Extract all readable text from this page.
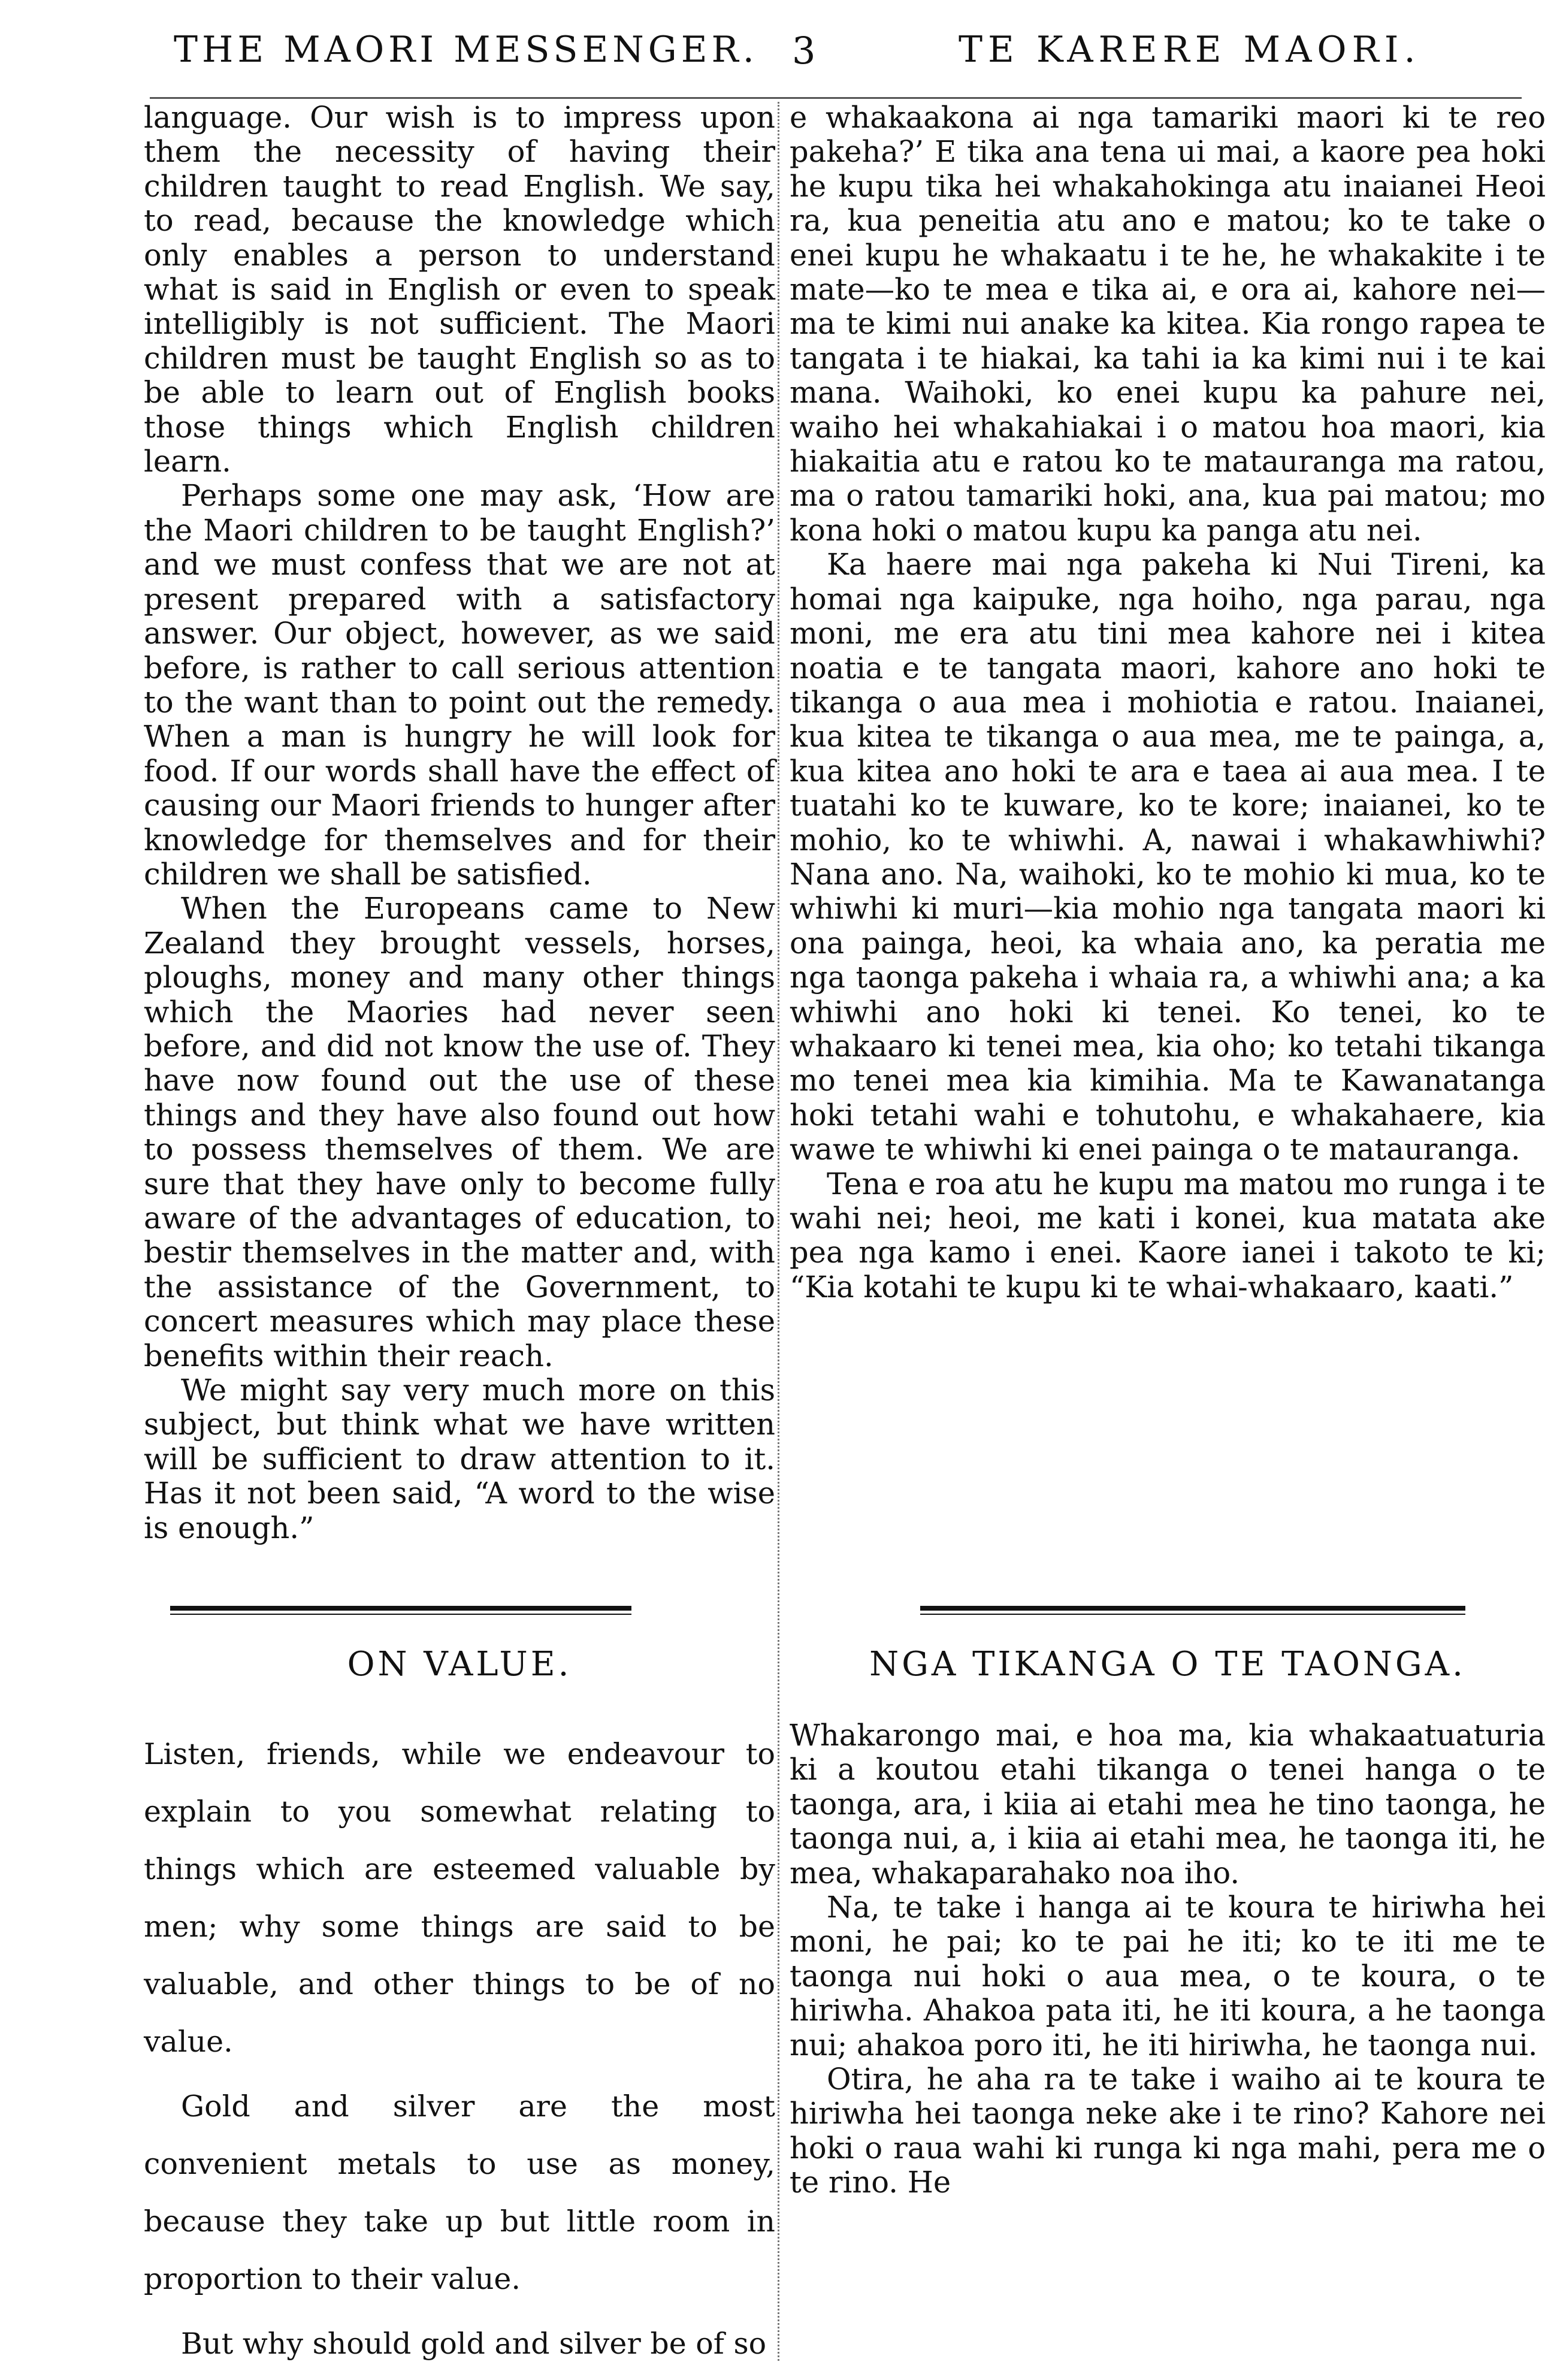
THE MAORI MESSENGER. 3	TE KARERE MAORI.

language. Our wish is to impress upon them the necessity of having their children taught to read English. We say, to read, because the knowledge which only enables a person to understand what is said in English or even to speak intelligibly is not sufficient. The Maori children must be taught English so as to be able to learn out of English books those things which English children learn.

Perhaps some one may ask, ‘How are the Maori children to be taught English?’ and we must confess that we are not at present prepared with a satisfactory answer. Our object, however, as we said before, is rather to call serious attention to the want than to point out the remedy. When a man is hungry he will look for food. If our words shall have the effect of causing our Maori friends to hunger after knowledge for themselves and for their children we shall be satisfied.

When the Europeans came to New Zealand they brought vessels, horses, ploughs, money and many other things which the Maories had never seen before, and did not know the use of. They have now found out the use of these things and they have also found out how to possess themselves of them. We are sure that they have only to become fully aware of the advantages of education, to bestir themselves in the matter and, with the assistance of the Government, to concert measures which may place these benefits within their reach.

We might say very much more on this subject, but think what we have written will be sufficient to draw attention to it. Has it not been said, “A word to the wise is enough.”

e whakaakona ai nga tamariki maori ki te reo pakeha?’ E tika ana tena ui mai, a kaore pea hoki he kupu tika hei whakahokinga atu inaianei Heoi ra, kua peneitia atu ano e matou; ko te take o enei kupu he whakaatu i te he, he whakakite i te mate—ko te mea e tika ai, e ora ai, kahore nei—ma te kimi nui anake ka kitea. Kia rongo rapea te tangata i te hiakai, ka tahi ia ka kimi nui i te kai mana. Waihoki, ko enei kupu ka pahure nei, waiho hei whakahiakai i o matou hoa maori, kia hiakaitia atu e ratou ko te matauranga ma ratou, ma o ratou tamariki hoki, ana, kua pai matou; mo kona hoki o matou kupu ka panga atu nei.

Ka haere mai nga pakeha ki Nui Tireni, ka homai nga kaipuke, nga hoiho, nga parau, nga moni, me era atu tini mea kahore nei i kitea noatia e te tangata maori, kahore ano hoki te tikanga o aua mea i mohiotia e ratou. Inaianei, kua kitea te tikanga o aua mea, me te painga, a, kua kitea ano hoki te ara e taea ai aua mea. I te tuatahi ko te kuware, ko te kore; inaianei, ko te mohio, ko te whiwhi. A, nawai i whakawhiwhi? Nana ano. Na, waihoki, ko te mohio ki mua, ko te whiwhi ki muri—kia mohio nga tangata maori ki ona painga, heoi, ka whaia ano, ka peratia me nga taonga pakeha i whaia ra, a whiwhi ana; a ka whiwhi ano hoki ki tenei. Ko tenei, ko te whakaaro ki tenei mea, kia oho; ko tetahi tikanga mo tenei mea kia kimihia. Ma te Kawanatanga hoki tetahi wahi e tohutohu, e whakahaere, kia wawe te whiwhi ki enei painga o te matauranga.

Tena e roa atu he kupu ma matou mo runga i te wahi nei; heoi, me kati i konei, kua matata ake pea nga kamo i enei. Kaore ianei i takoto te ki; “Kia kotahi te kupu ki te whai-whakaaro, kaati.”

ON VALUE.	NGA TIKANGA O TE TAONGA.

Listen, friends, while we endeavour to explain to you somewhat relating to things which are esteemed valuable by men; why some things are said to be valuable, and other things to be of no value.

Gold and silver are the most convenient metals to use as money, because they take up but little room in proportion to their value.

But why should gold and silver be of so

Whakarongo mai, e hoa ma, kia whakaatuaturia ki a koutou etahi tikanga o tenei hanga o te taonga, ara, i kiia ai etahi mea he tino taonga, he taonga nui, a, i kiia ai etahi mea, he taonga iti, he mea, whakaparahako noa iho.

Na, te take i hanga ai te koura te hiriwha hei moni, he pai; ko te pai he iti; ko te iti me te taonga nui hoki o aua mea, o te koura, o te hiriwha. Ahakoa pata iti, he iti koura, a he taonga nui; ahakoa poro iti, he iti hiriwha, he taonga nui.

Otira, he aha ra te take i waiho ai te koura te hiriwha hei taonga neke ake i te rino? Kahore nei hoki o raua wahi ki runga ki nga mahi, pera me o te rino. He
